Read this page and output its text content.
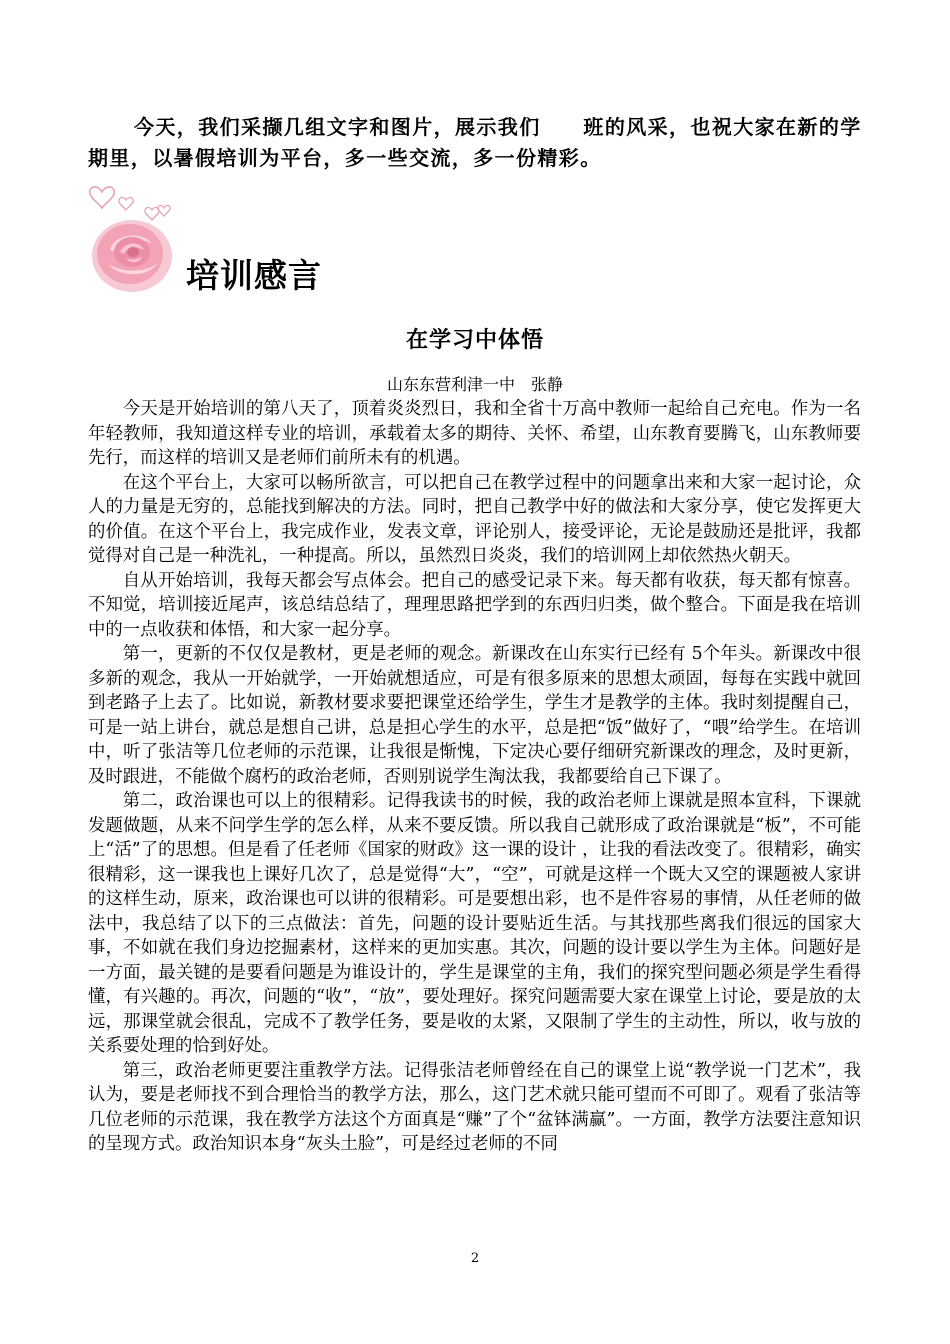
今天，我们采撷几组文字和图片，展示我们　　 班的风采，也祝大家在新的学期里，以暑假培训为平台，多一些交流，多一份精彩。

培训感言
在学习中体悟

山东东营利津一中　张静

今天是开始培训的第八天了，顶着炎炎烈日，我和全省十万高中教师一起给自己充电。作为一名年轻教师，我知道这样专业的培训，承载着太多的期待、关怀、希望，山东教育要腾飞，山东教师要先行，而这样的培训又是老师们前所未有的机遇。

在这个平台上，大家可以畅所欲言，可以把自己在教学过程中的问题拿出来和大家一起讨论，众人的力量是无穷的，总能找到解决的方法。同时，把自己教学中好的做法和大家分享，使它发挥更大的价值。在这个平台上，我完成作业，发表文章，评论别人，接受评论，无论是鼓励还是批评，我都觉得对自己是一种洗礼，一种提高。所以，虽然烈日炎炎，我们的培训网上却依然热火朝天。

自从开始培训，我每天都会写点体会。把自己的感受记录下来。每天都有收获，每天都有惊喜。不知觉，培训接近尾声，该总结总结了，理理思路把学到的东西归归类，做个整合。下面是我在培训中的一点收获和体悟，和大家一起分享。

第一，更新的不仅仅是教材，更是老师的观念。新课改在山东实行已经有 5个年头。新课改中很多新的观念，我从一开始就学，一开始就想适应，可是有很多原来的思想太顽固，每每在实践中就回到老路子上去了。比如说，新教材要求要把课堂还给学生，学生才是教学的主体。我时刻提醒自己，可是一站上讲台，就总是想自己讲，总是担心学生的水平，总是把“饭”做好了，“喂”给学生。在培训中，听了张洁等几位老师的示范课，让我很是惭愧，下定决心要仔细研究新课改的理念，及时更新，及时跟进，不能做个腐朽的政治老师，否则别说学生淘汰我，我都要给自己下课了。

第二，政治课也可以上的很精彩。记得我读书的时候，我的政治老师上课就是照本宣科，下课就发题做题，从来不问学生学的怎么样，从来不要反馈。所以我自己就形成了政治课就是“板”，不可能上“活”了的思想。但是看了任老师《国家的财政》这一课的设计 ，让我的看法改变了。很精彩，确实很精彩，这一课我也上课好几次了，总是觉得“大”，“空”，可就是这样一个既大又空的课题被人家讲的这样生动，原来，政治课也可以讲的很精彩。可是要想出彩，也不是件容易的事情，从任老师的做法中，我总结了以下的三点做法：首先，问题的设计要贴近生活。与其找那些离我们很远的国家大事，不如就在我们身边挖掘素材，这样来的更加实惠。其次，问题的设计要以学生为主体。问题好是一方面，最关键的是要看问题是为谁设计的，学生是课堂的主角，我们的探究型问题必须是学生看得懂，有兴趣的。再次，问题的“收”，“放”，要处理好。探究问题需要大家在课堂上讨论，要是放的太远，那课堂就会很乱，完成不了教学任务，要是收的太紧，又限制了学生的主动性，所以，收与放的关系要处理的恰到好处。

第三，政治老师更要注重教学方法。记得张洁老师曾经在自己的课堂上说“教学说一门艺术”，我认为，要是老师找不到合理恰当的教学方法，那么，这门艺术就只能可望而不可即了。观看了张洁等几位老师的示范课，我在教学方法这个方面真是“赚”了个“盆钵满赢”。一方面，教学方法要注意知识的呈现方式。政治知识本身“灰头土脸”，可是经过老师的不同

2
